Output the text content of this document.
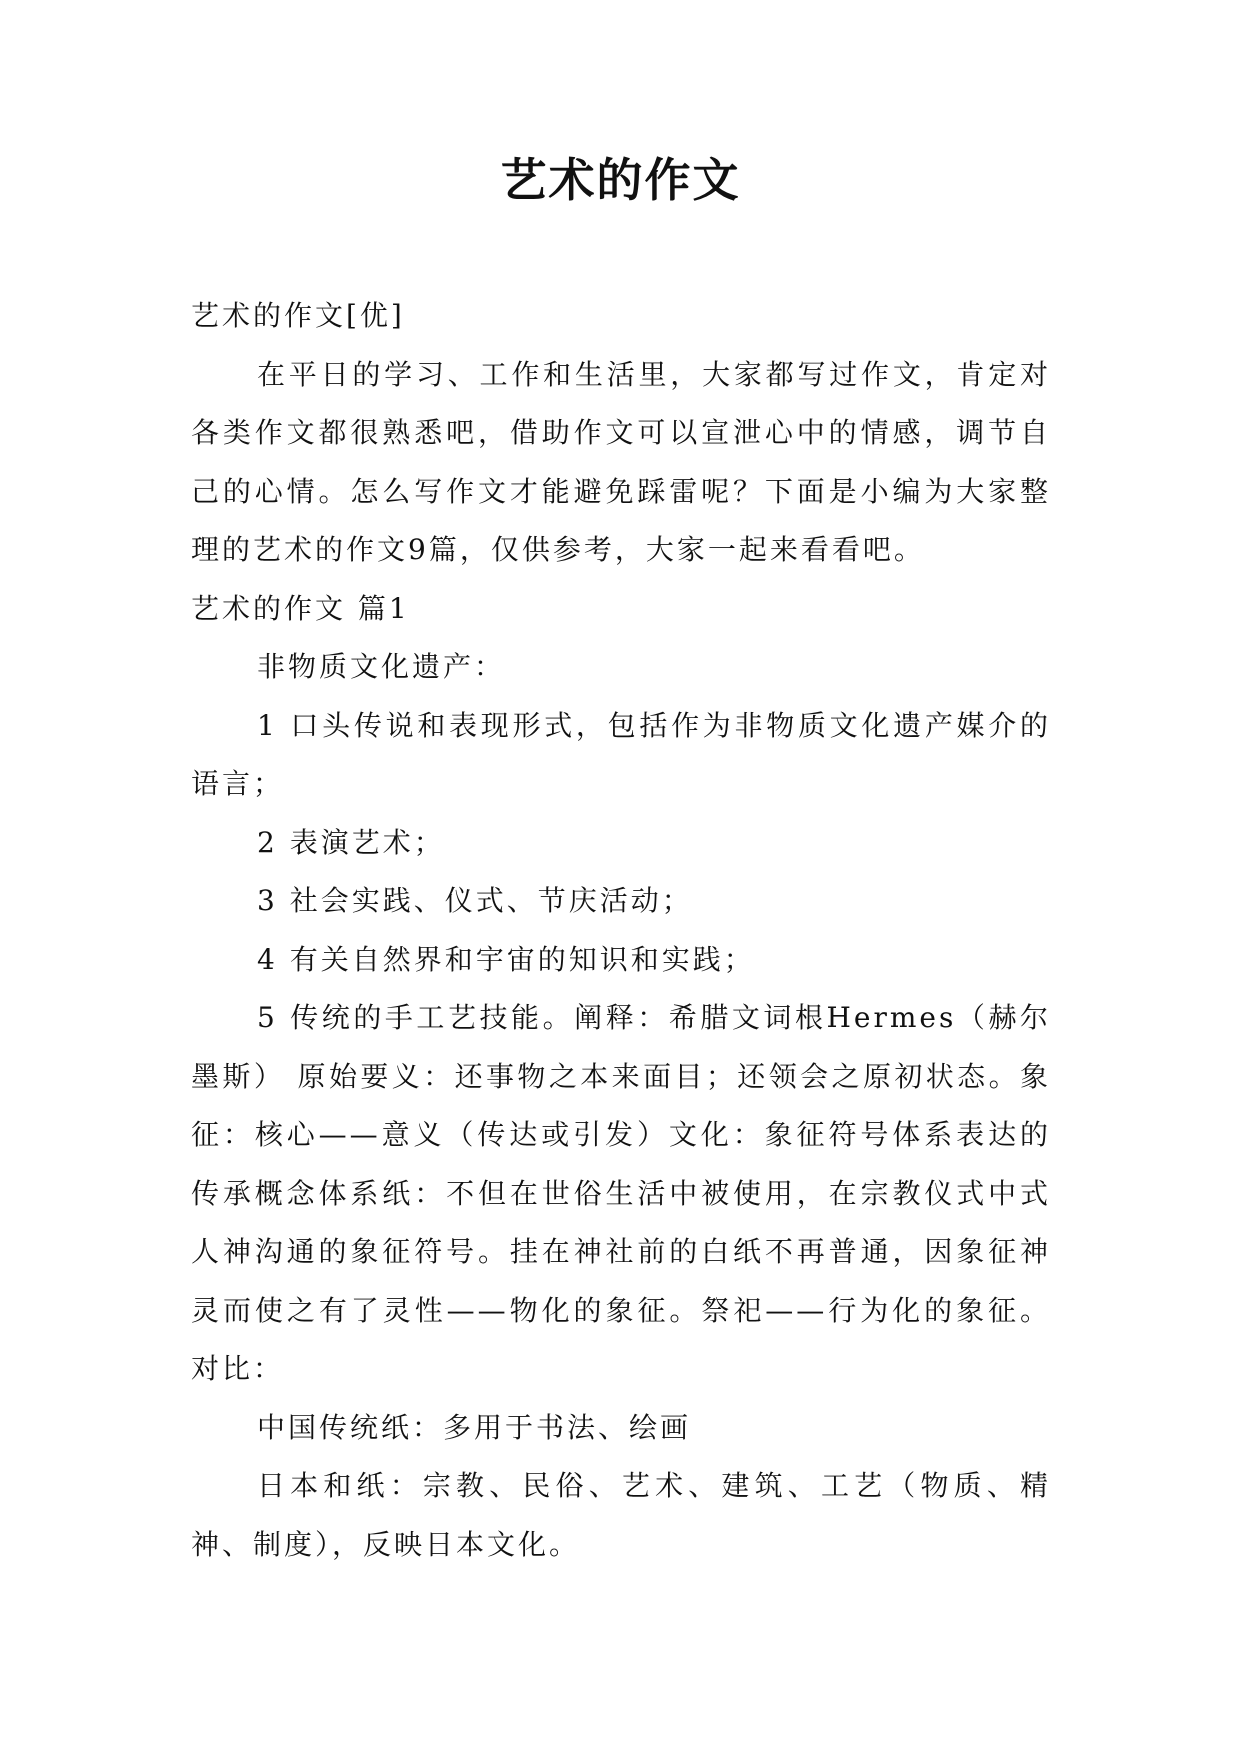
艺术的作文

艺术的作文[优]

在平日的学习、工作和生活里，大家都写过作文，肯定对各类作文都很熟悉吧，借助作文可以宣泄心中的情感，调节自己的心情。怎么写作文才能避免踩雷呢？下面是小编为大家整理的艺术的作文9篇，仅供参考，大家一起来看看吧。

艺术的作文 篇1

非物质文化遗产：

1 口头传说和表现形式，包括作为非物质文化遗产媒介的语言；

2 表演艺术；

3 社会实践、仪式、节庆活动；

4 有关自然界和宇宙的知识和实践；

5 传统的手工艺技能。阐释：希腊文词根Hermes（赫尔墨斯） 原始要义：还事物之本来面目；还领会之原初状态。象征：核心——意义（传达或引发）文化：象征符号体系表达的传承概念体系纸：不但在世俗生活中被使用，在宗教仪式中式人神沟通的象征符号。挂在神社前的白纸不再普通，因象征神灵而使之有了灵性——物化的象征。祭祀——行为化的象征。对比：

中国传统纸：多用于书法、绘画

日本和纸：宗教、民俗、艺术、建筑、工艺（物质、精神、制度），反映日本文化。
